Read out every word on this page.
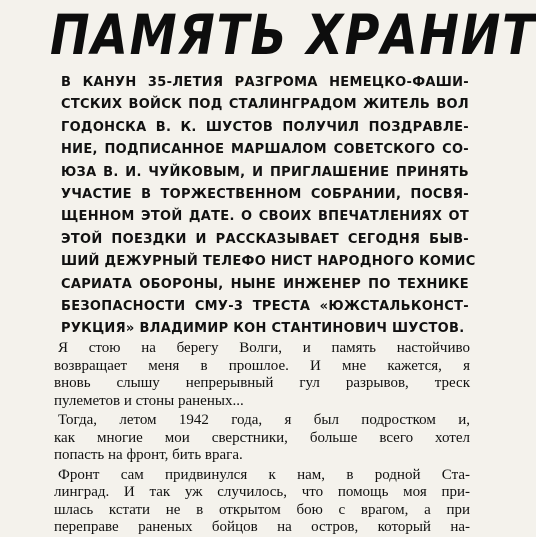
ПАМЯТЬ ХРАНИТ
В КАНУН 35-ЛЕТИЯ РАЗГРОМА НЕМЕЦКО-ФАШИ-
СТСКИХ ВОЙСК ПОД СТАЛИНГРАДОМ ЖИТЕЛЬ ВОЛ
ГОДОНСКА В. К. ШУСТОВ ПОЛУЧИЛ ПОЗДРАВЛЕ-
НИЕ, ПОДПИСАННОЕ МАРШАЛОМ СОВЕТСКОГО СО-
ЮЗА В. И. ЧУЙКОВЫМ, И ПРИГЛАШЕНИЕ ПРИНЯТЬ
УЧАСТИЕ В ТОРЖЕСТВЕННОМ СОБРАНИИ, ПОСВЯ-
ЩЕННОМ ЭТОЙ ДАТЕ. О СВОИХ ВПЕЧАТЛЕНИЯХ ОТ
ЭТОЙ ПОЕЗДКИ И РАССКАЗЫВАЕТ СЕГОДНЯ БЫВ-
ШИЙ ДЕЖУРНЫЙ ТЕЛЕФО НИСТ НАРОДНОГО КОМИС
САРИАТА ОБОРОНЫ, НЫНЕ ИНЖЕНЕР ПО ТЕХНИКЕ
БЕЗОПАСНОСТИ СМУ-3 ТРЕСТА «ЮЖСТАЛЬКОНСТ-
РУКЦИЯ» ВЛАДИМИР КОН СТАНТИНОВИЧ ШУСТОВ.
Я стою на берегу Волги, и память настойчиво
возвращает меня в прошлое. И мне кажется, я
вновь слышу непрерывный гул разрывов, треск
пулеметов и стоны раненых...
Тогда, летом 1942 года, я был подростком и,
как многие мои сверстники, больше всего хотел
попасть на фронт, бить врага.
Фронт сам придвинулся к нам, в родной Ста-
линград. И так уж случилось, что помощь моя при-
шлась кстати не в открытом бою с врагом, а при
переправе раненых бойцов на остров, который на-
